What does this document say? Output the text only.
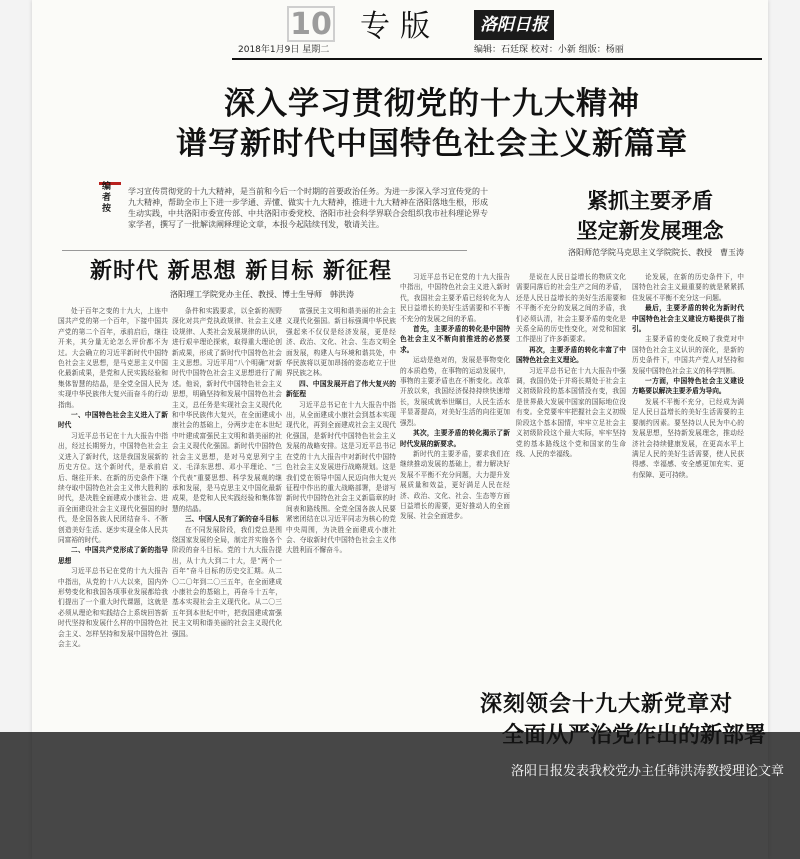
10 专版	洛阳日报
2018年1月9日 星期二	编辑：石廷琛 校对：小新 组版：杨丽
深入学习贯彻党的十九大精神
谱写新时代中国特色社会主义新篇章
编者按
学习宣传贯彻党的十九大精神，是当前和今后一个时期的首要政治任务。为进一步深入学习宣传党的十九大精神，帮助全市上下进一步学通、弄懂、做实十九大精神，推进十九大精神在洛阳落地生根，形成生动实践，中共洛阳市委宣传部、中共洛阳市委党校、洛阳市社会科学界联合会组织我市社科理论界专家学者，撰写了一批解读阐释理论文章，本报今起陆续刊发，敬请关注。
紧抓主要矛盾
坚定新发展理念
洛阳师范学院马克思主义学院院长、教授　曹玉涛
新时代 新思想 新目标 新征程
洛阳理工学院党办主任、教授、博士生导师　韩洪涛

处于百年之变的十九大，上连中国共产党的第一个百年，下接中国共产党的第二个百年，承前启后，继往开来，其分量无论怎么评价都不为过。大会确立的习近平新时代中国特色社会主义思想，是马克思主义中国化最新成果，是党和人民实践经验和集体智慧的结晶，是全党全国人民为实现中华民族伟大复兴而奋斗的行动指南。

一、中国特色社会主义进入了新时代

习近平总书记在十九大报告中指出，经过长期努力，中国特色社会主义进入了新时代，这是我国发展新的历史方位。这个新时代，是承前启后、继往开来、在新的历史条件下继续夺取中国特色社会主义伟大胜利的时代，是决胜全面建成小康社会、进而全面建设社会主义现代化强国的时代，是全国各族人民团结奋斗、不断创造美好生活、逐步实现全体人民共同富裕的时代。

二、中国共产党形成了新的指导思想

习近平总书记在党的十九大报告中指出，从党的十八大以来，国内外形势变化和我国各项事业发展都给我们提出了一个重大时代课题，这就是必须从理论和实践结合上系统回答新时代坚持和发展什么样的中国特色社会主义、怎样坚持和发展中国特色社会主义。

条件和实践要求，以全新的视野深化对共产党执政规律、社会主义建设规律、人类社会发展规律的认识，进行艰辛理论探索，取得重大理论创新成果，形成了新时代中国特色社会主义思想。习近平用“八个明确”对新时代中国特色社会主义思想进行了阐述。他说，新时代中国特色社会主义思想，明确坚持和发展中国特色社会主义，总任务是实现社会主义现代化和中华民族伟大复兴，在全面建成小康社会的基础上，分两步走在本世纪中叶建成富强民主文明和谐美丽的社会主义现代化强国。新时代中国特色社会主义思想，是对马克思列宁主义、毛泽东思想、邓小平理论、“三个代表”重要思想、科学发展观的继承和发展，是马克思主义中国化最新成果，是党和人民实践经验和集体智慧的结晶。

三、中国人民有了新的奋斗目标

在不同发展阶段，我们党总是围绕国家发展的全局，制定并实施各个阶段的奋斗目标。党的十九大报告提出，从十九大到二十大，是“两个一百年”奋斗目标的历史交汇期。从二〇二〇年到二〇三五年，在全面建成小康社会的基础上，再奋斗十五年，基本实现社会主义现代化。从二〇三五年到本世纪中叶，把我国建成富强民主文明和谐美丽的社会主义现代化强国。

富强民主文明和谐美丽的社会主义现代化强国。新目标强调中华民族强起来不仅仅是经济发展，更是经济、政治、文化、社会、生态文明全面发展，构建人与环境和谐共处，中华民族将以更加昂扬的姿态屹立于世界民族之林。

四、中国发展开启了伟大复兴的新征程

习近平总书记在十九大报告中指出，从全面建成小康社会到基本实现现代化，再到全面建成社会主义现代化强国，是新时代中国特色社会主义发展的战略安排。这是习近平总书记在党的十九大报告中对新时代中国特色社会主义发展进行战略规划。这是我们党在领导中国人民迈向伟大复兴征程中作出的重大战略部署，是谱写新时代中国特色社会主义新篇章的时间表和路线图。全党全国各族人民要紧密团结在以习近平同志为核心的党中央周围，为决胜全面建成小康社会、夺取新时代中国特色社会主义伟大胜利而不懈奋斗。

习近平总书记在党的十九大报告中指出，中国特色社会主义进入新时代，我国社会主要矛盾已经转化为人民日益增长的美好生活需要和不平衡不充分的发展之间的矛盾。

首先，主要矛盾的转化是中国特色社会主义不断向前推进的必然要求。

运动是绝对的，发展是事物变化的本质趋势，在事物的运动发展中，事物的主要矛盾也在不断变化。改革开放以来，我国经济保持持续快速增长，发展成就举世瞩目，人民生活水平显著提高，对美好生活的向往更加强烈。

其次，主要矛盾的转化揭示了新时代发展的新要求。

新时代的主要矛盾，要求我们在继续推动发展的基础上，着力解决好发展不平衡不充分问题，大力提升发展质量和效益，更好满足人民在经济、政治、文化、社会、生态等方面日益增长的需要，更好推动人的全面发展、社会全面进步。

是说在人民日益增长的物质文化需要同落后的社会生产之间的矛盾，还是人民日益增长的美好生活需要和不平衡不充分的发展之间的矛盾，我们必须认清，社会主要矛盾的变化是关系全局的历史性变化，对党和国家工作提出了许多新要求。

再次，主要矛盾的转化丰富了中国特色社会主义理论。

习近平总书记在十九大报告中强调，我国仍处于并将长期处于社会主义初级阶段的基本国情没有变，我国是世界最大发展中国家的国际地位没有变。全党要牢牢把握社会主义初级阶段这个基本国情，牢牢立足社会主义初级阶段这个最大实际，牢牢坚持党的基本路线这个党和国家的生命线、人民的幸福线。

论发展，在新的历史条件下，中国特色社会主义最重要的就是紧紧抓住发展不平衡不充分这一问题。

最后，主要矛盾的转化为新时代中国特色社会主义建设方略提供了指引。

主要矛盾的变化反映了我党对中国特色社会主义认识的深化，是新的历史条件下，中国共产党人对坚持和发展中国特色社会主义的科学判断。

一方面，中国特色社会主义建设方略要以解决主要矛盾为导向。

发展不平衡不充分，已经成为满足人民日益增长的美好生活需要的主要制约因素。要坚持以人民为中心的发展思想，坚持新发展理念，推动经济社会持续健康发展，在更高水平上满足人民的美好生活需要，使人民获得感、幸福感、安全感更加充实、更有保障、更可持续。

深刻领会十九大新党章对
洛阳日报发表我校党办主任韩洪涛教授理论文章
